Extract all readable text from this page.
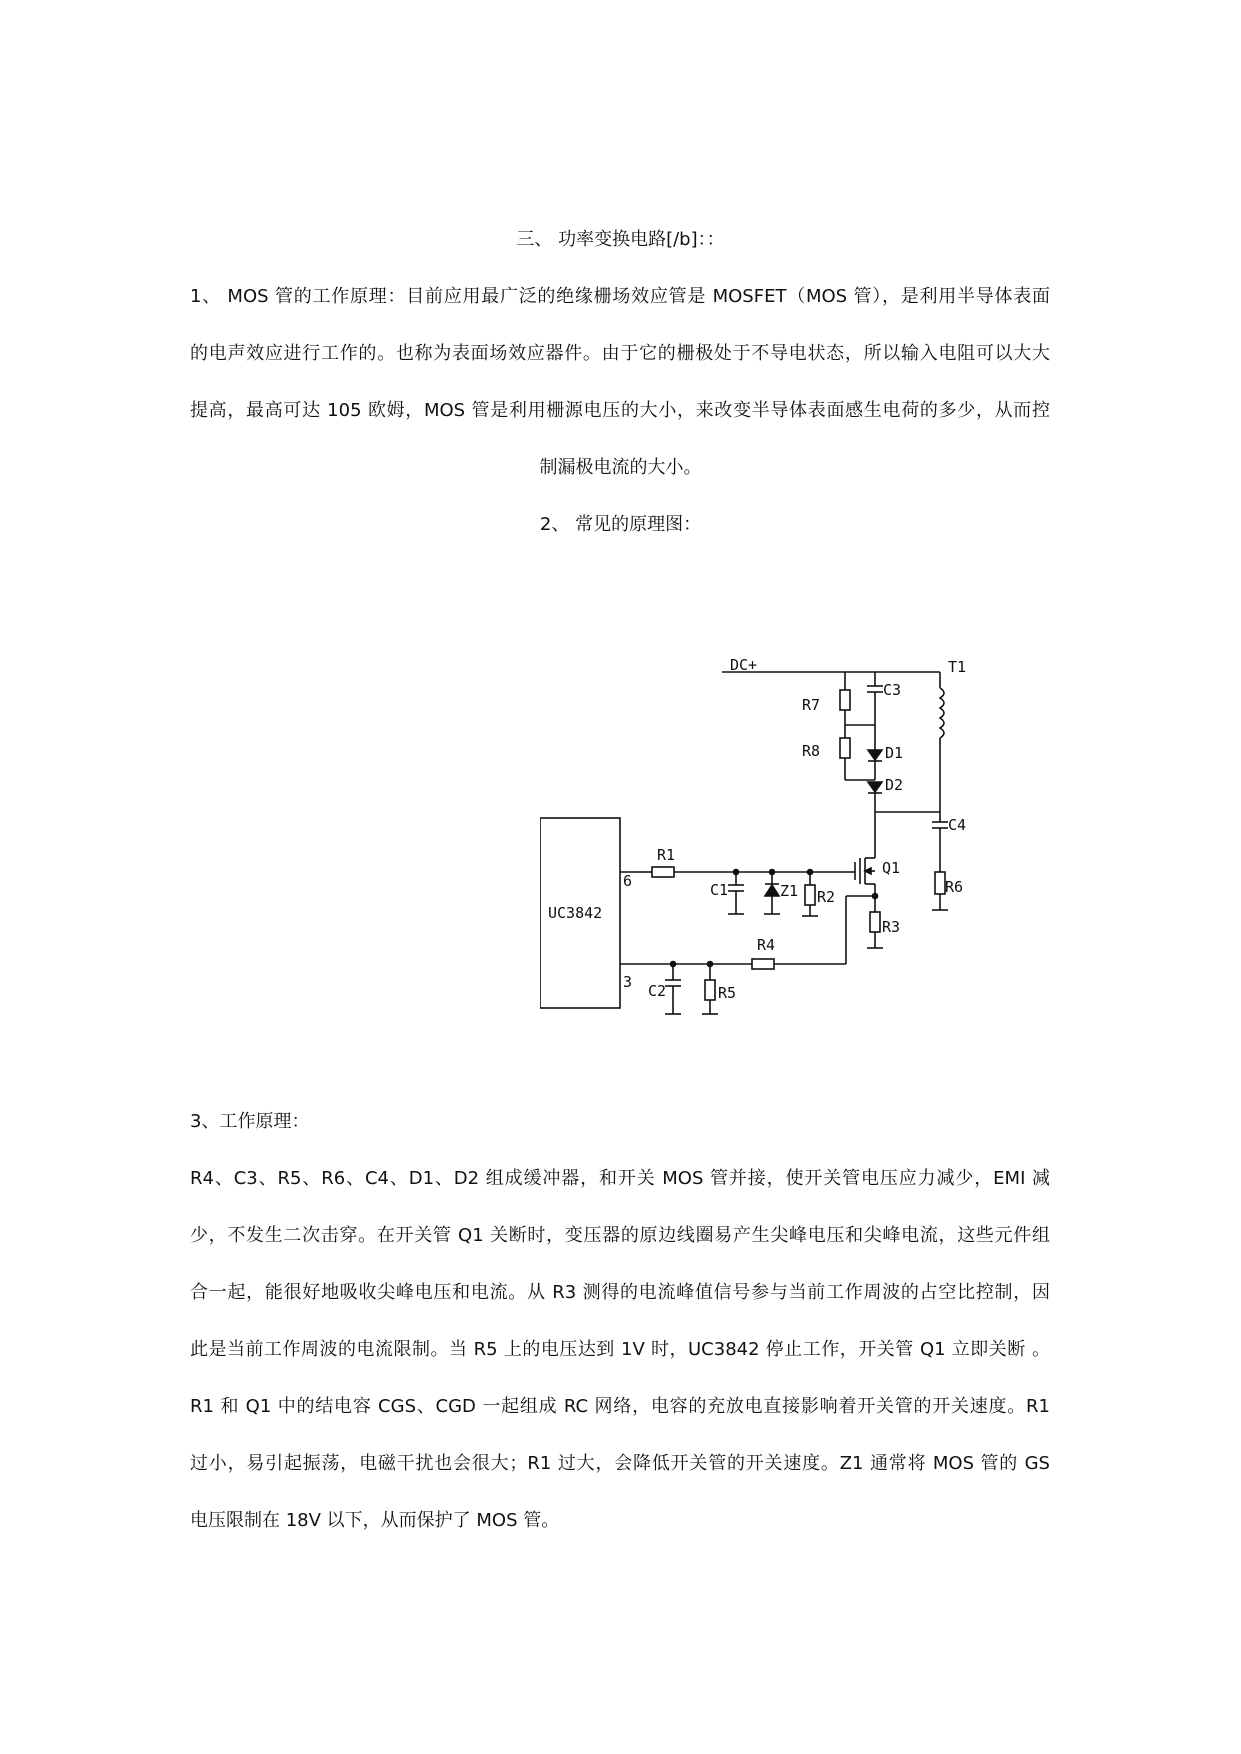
三、 功率变换电路[/b]：：
1、 MOS 管的工作原理：目前应用最广泛的绝缘栅场效应管是 MOSFET（MOS 管），是利用半导体表面
的电声效应进行工作的。也称为表面场效应器件。由于它的栅极处于不导电状态，所以输入电阻可以大大
提高，最高可达 105 欧姆，MOS 管是利用栅源电压的大小，来改变半导体表面感生电荷的多少，从而控
制漏极电流的大小。
2、 常见的原理图：
UC3842
6
3
DC+	T1
R7
R8
C3
D1
D2
C4
R6
Q1
R3
R1
C1	Z1 R2
R4
C2	R5
3、工作原理：
R4、C3、R5、R6、C4、D1、D2 组成缓冲器，和开关 MOS 管并接，使开关管电压应力减少，EMI 减
少，不发生二次击穿。在开关管 Q1 关断时，变压器的原边线圈易产生尖峰电压和尖峰电流，这些元件组
合一起，能很好地吸收尖峰电压和电流。从 R3 测得的电流峰值信号参与当前工作周波的占空比控制，因
此是当前工作周波的电流限制。当 R5 上的电压达到 1V 时，UC3842 停止工作，开关管 Q1 立即关断 。
R1 和 Q1 中的结电容 CGS、CGD 一起组成 RC 网络，电容的充放电直接影响着开关管的开关速度。R1
过小，易引起振荡，电磁干扰也会很大；R1 过大，会降低开关管的开关速度。Z1 通常将 MOS 管的 GS
电压限制在 18V 以下，从而保护了 MOS 管。
